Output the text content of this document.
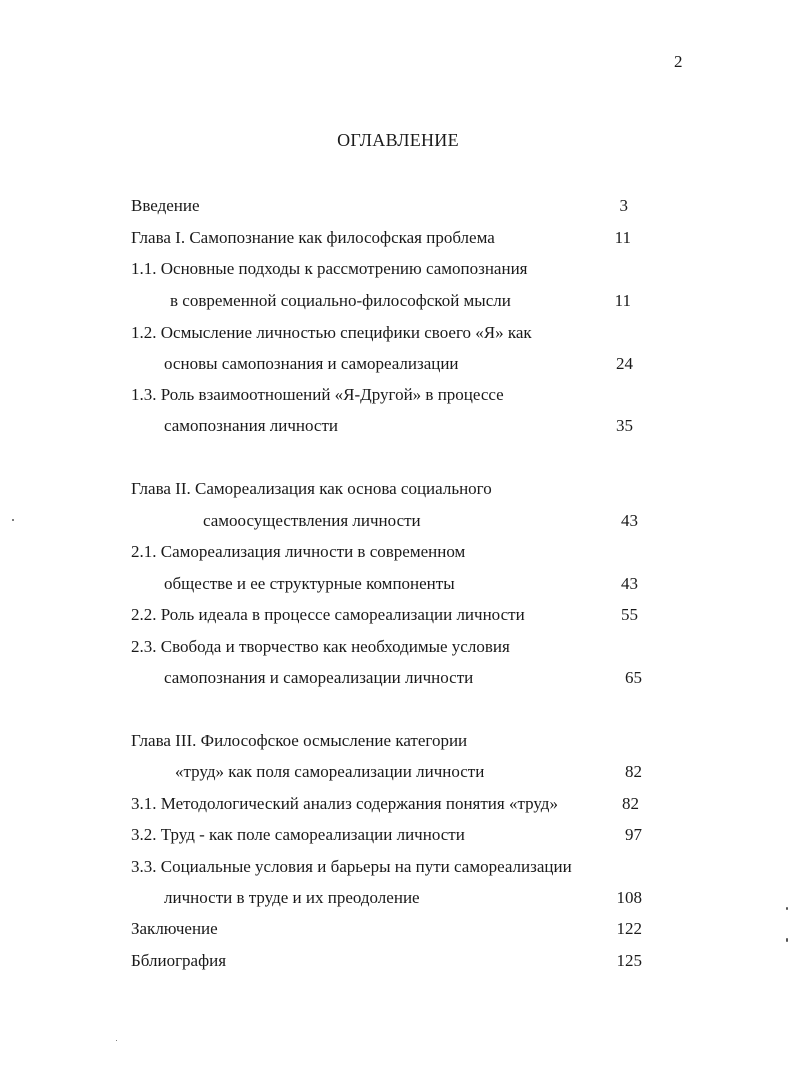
2
ОГЛАВЛЕНИЕ
Введение	3
Глава I. Самопознание как философская проблема	11
1.1. Основные подходы к рассмотрению самопознания
в современной социально-философской мысли	11
1.2. Осмысление личностью специфики своего «Я» как
основы самопознания и самореализации	24
1.3. Роль взаимоотношений «Я-Другой» в процессе
самопознания личности	35
Глава II. Самореализация как основа социального
самоосуществления личности	43
2.1. Самореализация личности в современном
обществе и ее структурные компоненты	43
2.2. Роль идеала в процессе самореализации личности	55
2.3. Свобода и творчество как необходимые условия
самопознания и самореализации личности	65
Глава III. Философское осмысление категории
«труд» как поля самореализации личности	82
3.1. Методологический анализ содержания понятия «труд»	82
3.2. Труд - как поле самореализации личности	97
3.3. Социальные условия и барьеры на пути самореализации
личности в труде и их преодоление	108
Заключение	122
Бблиография	125
